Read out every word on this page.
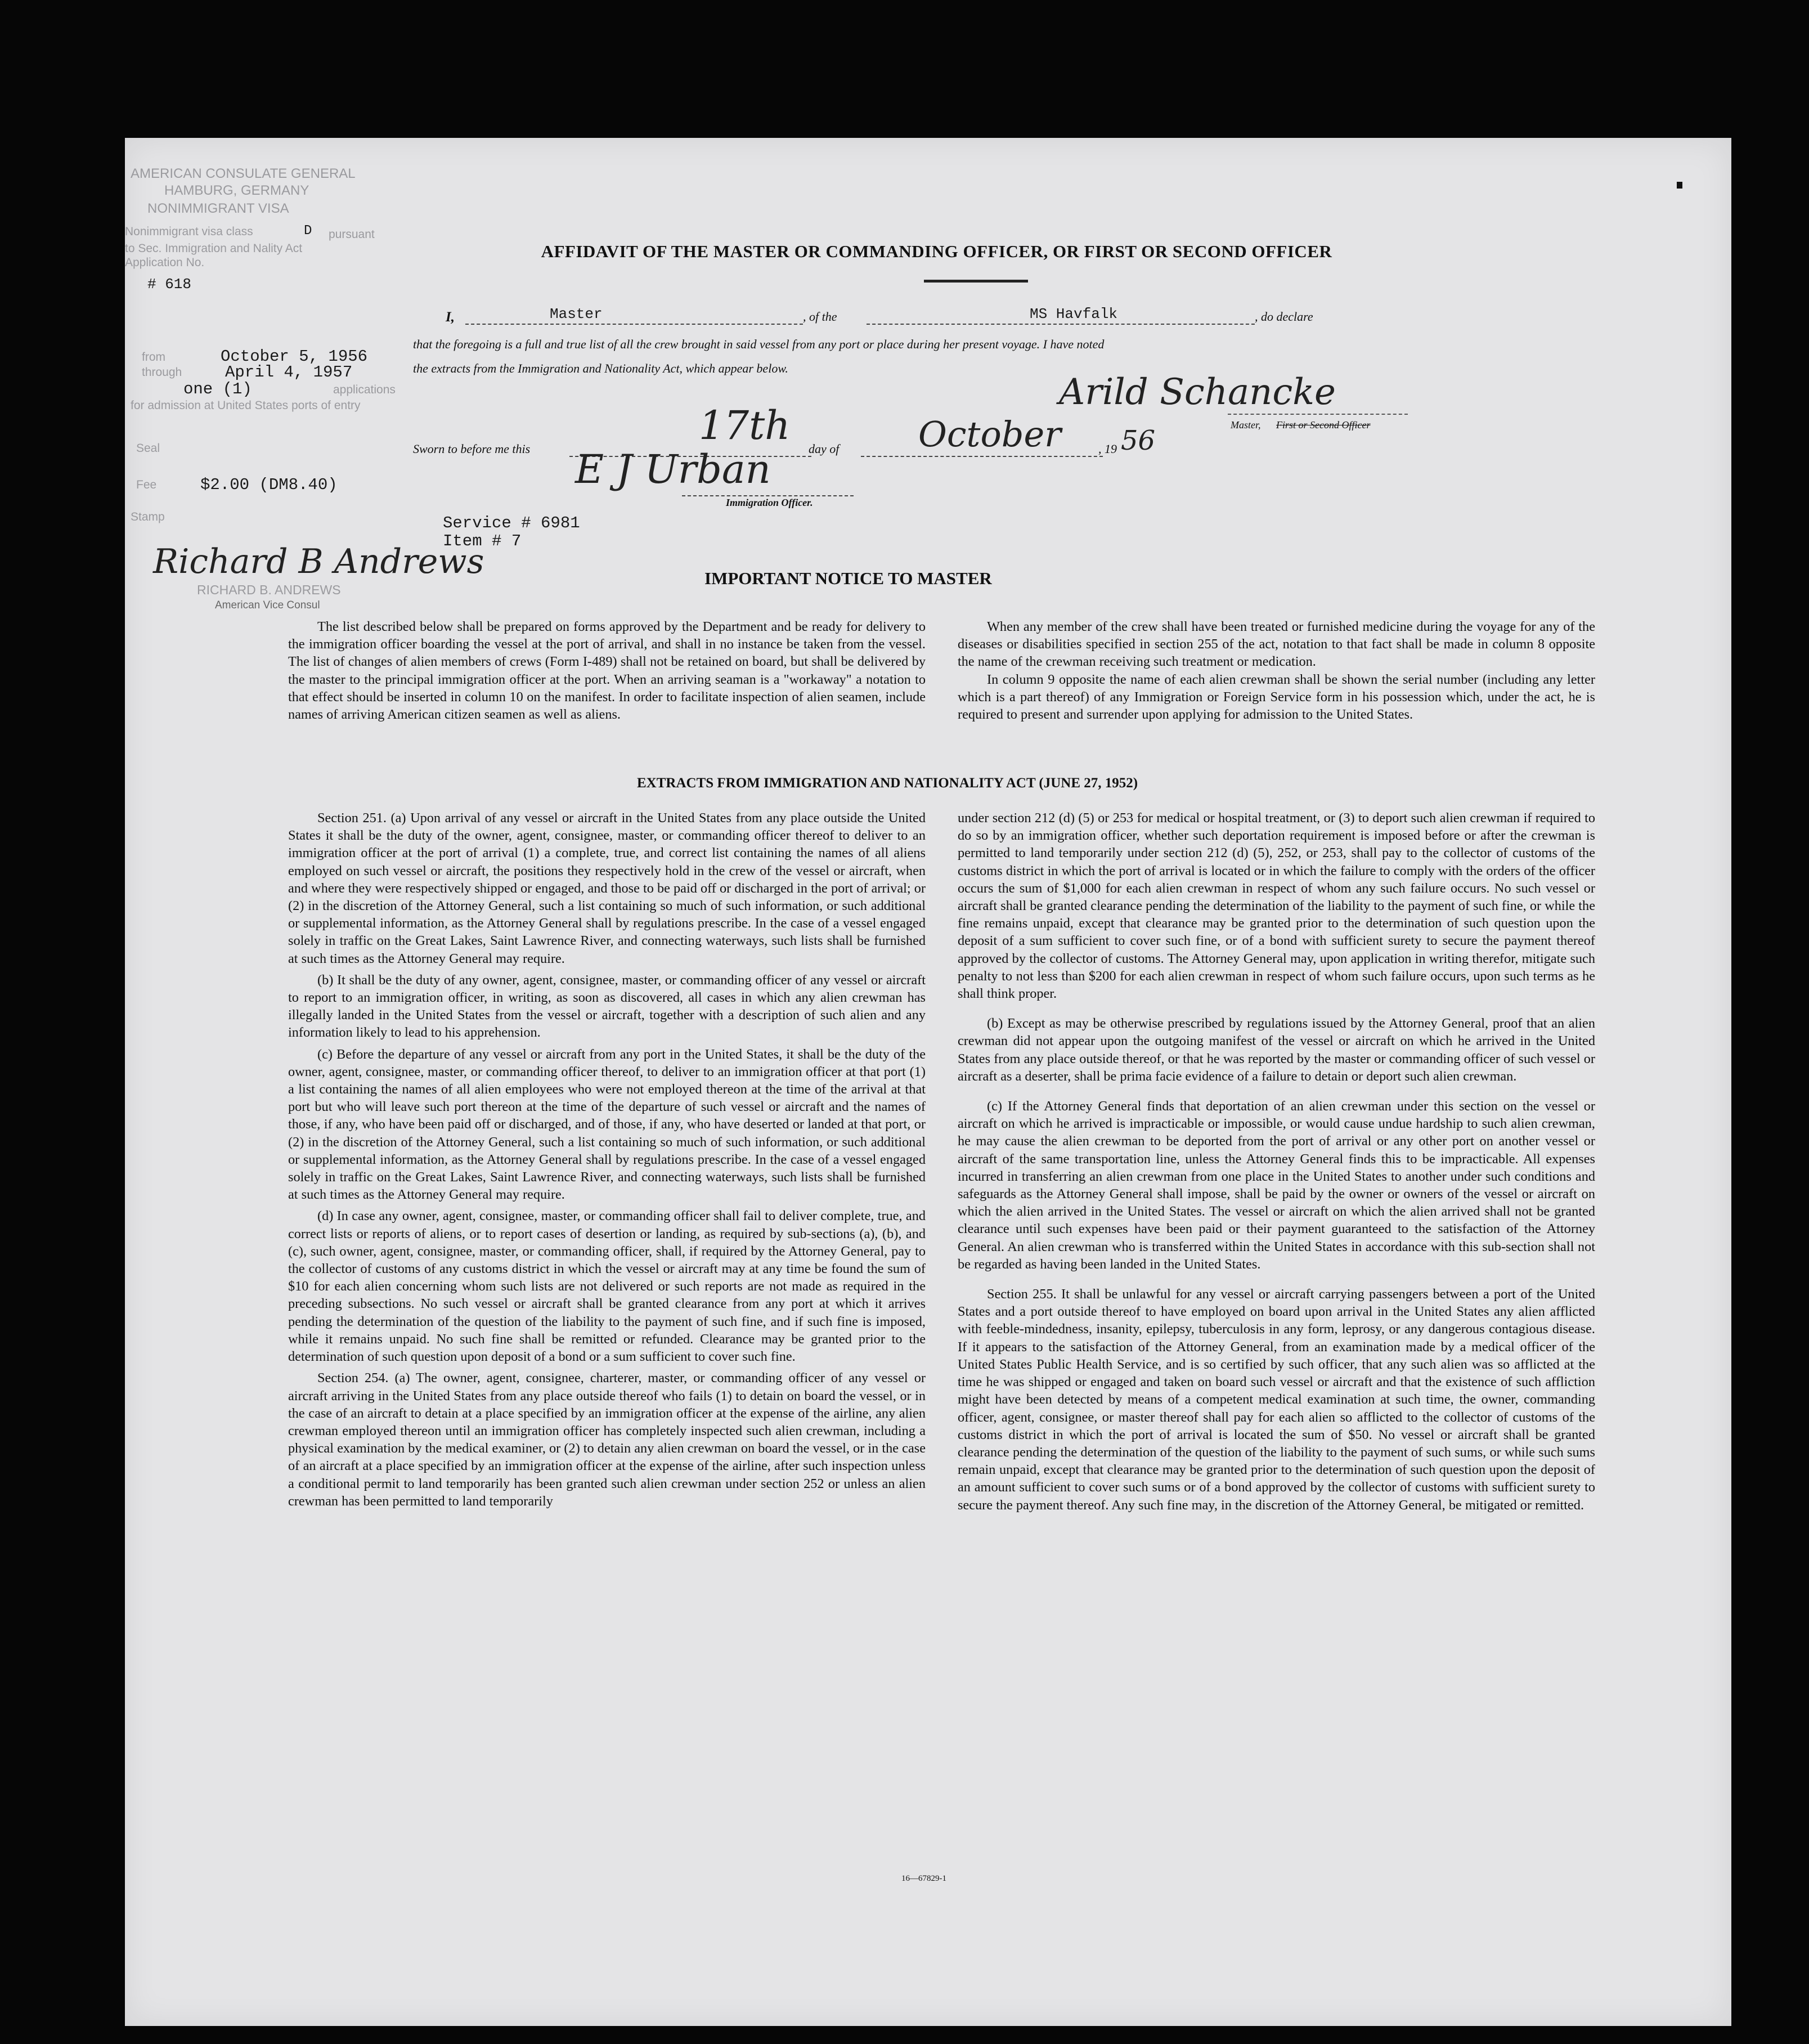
AMERICAN CONSULATE GENERAL
HAMBURG, GERMANY
NONIMMIGRANT VISA
Nonimmigrant visa class	D pursuant
to Sec. Immigration and Nality Act
Application No.
# 618
from	October 5, 1956
through	April 4, 1957
one (1)	applications
for admission at United States ports of entry
Seal
Fee	$2.00 (DM8.40)
Stamp
Richard B Andrews
RICHARD B. ANDREWS
American Vice Consul
AFFIDAVIT OF THE MASTER OR COMMANDING OFFICER, OR FIRST OR SECOND OFFICER
I,	Master	, of the	MS Havfalk	, do declare
that the foregoing is a full and true list of all the crew brought in said vessel from any port or place during her present voyage. I have noted
the extracts from the Immigration and Nationality Act, which appear below.
Arild Schancke
Master, First or Second Officer
Sworn to before me this
17th
day of October	, 19 56
E J Urban
Immigration Officer.
Service # 6981
Item # 7
IMPORTANT NOTICE TO MASTER

The list described below shall be prepared on forms approved by the Department and be ready for delivery to the immigration officer boarding the vessel at the port of arrival, and shall in no instance be taken from the vessel. The list of changes of alien members of crews (Form I-489) shall not be retained on board, but shall be delivered by the master to the principal immigration officer at the port. When an arriving seaman is a "workaway" a notation to that effect should be inserted in column 10 on the manifest. In order to facilitate inspection of alien seamen, include names of arriving American citizen seamen as well as aliens.

When any member of the crew shall have been treated or furnished medicine during the voyage for any of the diseases or disabilities specified in section 255 of the act, notation to that fact shall be made in column 8 opposite the name of the crewman receiving such treatment or medication.

In column 9 opposite the name of each alien crewman shall be shown the serial number (including any letter which is a part thereof) of any Immigration or Foreign Service form in his possession which, under the act, he is required to present and surrender upon applying for admission to the United States.

EXTRACTS FROM IMMIGRATION AND NATIONALITY ACT (JUNE 27, 1952)

Section 251. (a) Upon arrival of any vessel or aircraft in the United States from any place outside the United States it shall be the duty of the owner, agent, consignee, master, or commanding officer thereof to deliver to an immigration officer at the port of arrival (1) a complete, true, and correct list containing the names of all aliens employed on such vessel or aircraft, the positions they respectively hold in the crew of the vessel or aircraft, when and where they were respectively shipped or engaged, and those to be paid off or discharged in the port of arrival; or (2) in the discretion of the Attorney General, such a list containing so much of such information, or such additional or supplemental information, as the Attorney General shall by regulations prescribe. In the case of a vessel engaged solely in traffic on the Great Lakes, Saint Lawrence River, and connecting waterways, such lists shall be furnished at such times as the Attorney General may require.

(b) It shall be the duty of any owner, agent, consignee, master, or commanding officer of any vessel or aircraft to report to an immigration officer, in writing, as soon as discovered, all cases in which any alien crewman has illegally landed in the United States from the vessel or aircraft, together with a description of such alien and any information likely to lead to his apprehension.

(c) Before the departure of any vessel or aircraft from any port in the United States, it shall be the duty of the owner, agent, consignee, master, or commanding officer thereof, to deliver to an immigration officer at that port (1) a list containing the names of all alien employees who were not employed thereon at the time of the arrival at that port but who will leave such port thereon at the time of the departure of such vessel or aircraft and the names of those, if any, who have been paid off or discharged, and of those, if any, who have deserted or landed at that port, or (2) in the discretion of the Attorney General, such a list containing so much of such information, or such additional or supplemental information, as the Attorney General shall by regulations prescribe. In the case of a vessel engaged solely in traffic on the Great Lakes, Saint Lawrence River, and connecting waterways, such lists shall be furnished at such times as the Attorney General may require.

(d) In case any owner, agent, consignee, master, or commanding officer shall fail to deliver complete, true, and correct lists or reports of aliens, or to report cases of desertion or landing, as required by sub-sections (a), (b), and (c), such owner, agent, consignee, master, or commanding officer, shall, if required by the Attorney General, pay to the collector of customs of any customs district in which the vessel or aircraft may at any time be found the sum of $10 for each alien concerning whom such lists are not delivered or such reports are not made as required in the preceding subsections. No such vessel or aircraft shall be granted clearance from any port at which it arrives pending the determination of the question of the liability to the payment of such fine, and if such fine is imposed, while it remains unpaid. No such fine shall be remitted or refunded. Clearance may be granted prior to the determination of such question upon deposit of a bond or a sum sufficient to cover such fine.

Section 254. (a) The owner, agent, consignee, charterer, master, or commanding officer of any vessel or aircraft arriving in the United States from any place outside thereof who fails (1) to detain on board the vessel, or in the case of an aircraft to detain at a place specified by an immigration officer at the expense of the airline, any alien crewman employed thereon until an immigration officer has completely inspected such alien crewman, including a physical examination by the medical examiner, or (2) to detain any alien crewman on board the vessel, or in the case of an aircraft at a place specified by an immigration officer at the expense of the airline, after such inspection unless a conditional permit to land temporarily has been granted such alien crewman under section 252 or unless an alien crewman has been permitted to land temporarily

under section 212 (d) (5) or 253 for medical or hospital treatment, or (3) to deport such alien crewman if required to do so by an immigration officer, whether such deportation requirement is imposed before or after the crewman is permitted to land temporarily under section 212 (d) (5), 252, or 253, shall pay to the collector of customs of the customs district in which the port of arrival is located or in which the failure to comply with the orders of the officer occurs the sum of $1,000 for each alien crewman in respect of whom any such failure occurs. No such vessel or aircraft shall be granted clearance pending the determination of the liability to the payment of such fine, or while the fine remains unpaid, except that clearance may be granted prior to the determination of such question upon the deposit of a sum sufficient to cover such fine, or of a bond with sufficient surety to secure the payment thereof approved by the collector of customs. The Attorney General may, upon application in writing therefor, mitigate such penalty to not less than $200 for each alien crewman in respect of whom such failure occurs, upon such terms as he shall think proper.

(b) Except as may be otherwise prescribed by regulations issued by the Attorney General, proof that an alien crewman did not appear upon the outgoing manifest of the vessel or aircraft on which he arrived in the United States from any place outside thereof, or that he was reported by the master or commanding officer of such vessel or aircraft as a deserter, shall be prima facie evidence of a failure to detain or deport such alien crewman.

(c) If the Attorney General finds that deportation of an alien crewman under this section on the vessel or aircraft on which he arrived is impracticable or impossible, or would cause undue hardship to such alien crewman, he may cause the alien crewman to be deported from the port of arrival or any other port on another vessel or aircraft of the same transportation line, unless the Attorney General finds this to be impracticable. All expenses incurred in transferring an alien crewman from one place in the United States to another under such conditions and safeguards as the Attorney General shall impose, shall be paid by the owner or owners of the vessel or aircraft on which the alien arrived in the United States. The vessel or aircraft on which the alien arrived shall not be granted clearance until such expenses have been paid or their payment guaranteed to the satisfaction of the Attorney General. An alien crewman who is transferred within the United States in accordance with this sub-section shall not be regarded as having been landed in the United States.

Section 255. It shall be unlawful for any vessel or aircraft carrying passengers between a port of the United States and a port outside thereof to have employed on board upon arrival in the United States any alien afflicted with feeble-mindedness, insanity, epilepsy, tuberculosis in any form, leprosy, or any dangerous contagious disease. If it appears to the satisfaction of the Attorney General, from an examination made by a medical officer of the United States Public Health Service, and is so certified by such officer, that any such alien was so afflicted at the time he was shipped or engaged and taken on board such vessel or aircraft and that the existence of such affliction might have been detected by means of a competent medical examination at such time, the owner, commanding officer, agent, consignee, or master thereof shall pay for each alien so afflicted to the collector of customs of the customs district in which the port of arrival is located the sum of $50. No vessel or aircraft shall be granted clearance pending the determination of the question of the liability to the payment of such sums, or while such sums remain unpaid, except that clearance may be granted prior to the determination of such question upon the deposit of an amount sufficient to cover such sums or of a bond approved by the collector of customs with sufficient surety to secure the payment thereof. Any such fine may, in the discretion of the Attorney General, be mitigated or remitted.

16—67829-1
